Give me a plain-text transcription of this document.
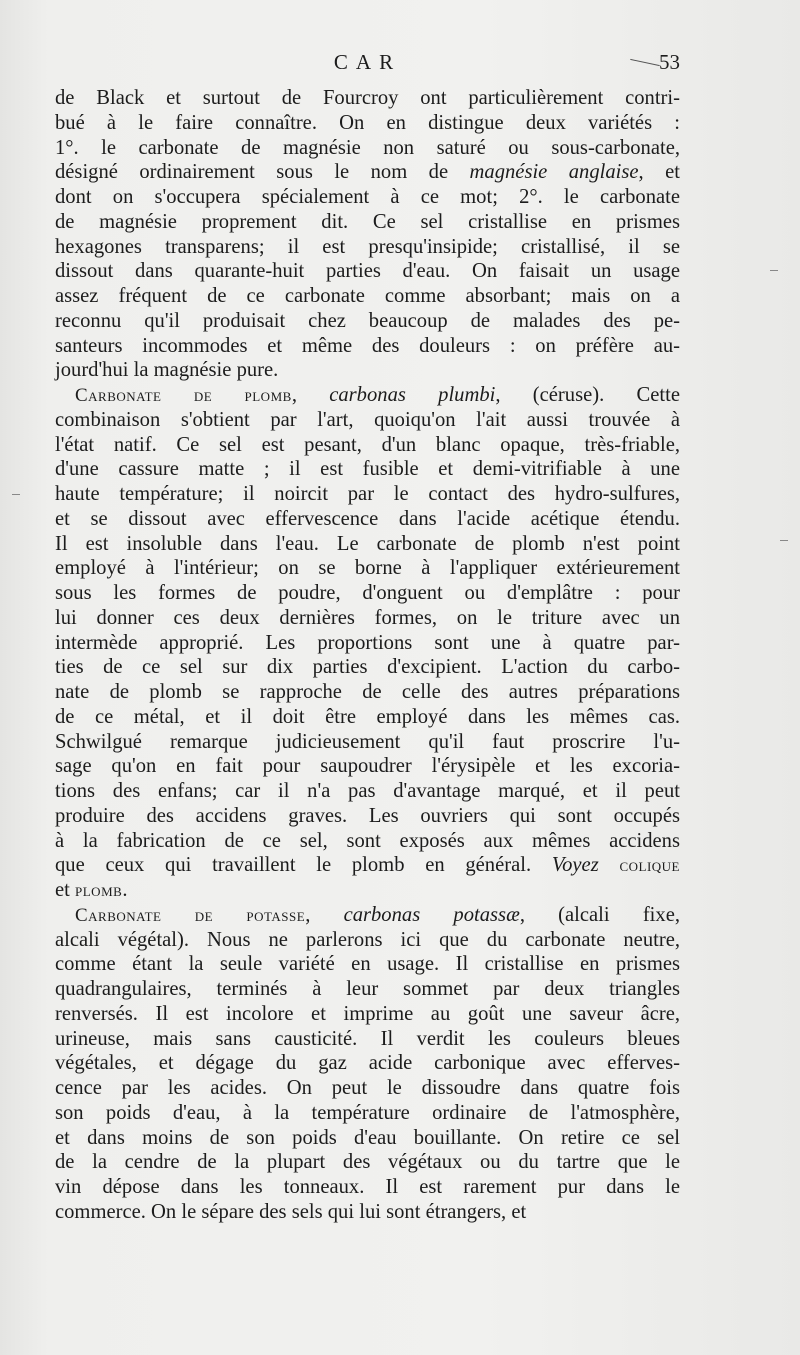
CAR	53
de Black et surtout de Fourcroy ont particulièrement contri-
bué à le faire connaître. On en distingue deux variétés :
1°. le carbonate de magnésie non saturé ou sous-carbonate,
désigné ordinairement sous le nom de magnésie anglaise, et
dont on s'occupera spécialement à ce mot; 2°. le carbonate
de magnésie proprement dit. Ce sel cristallise en prismes
hexagones transparens; il est presqu'insipide; cristallisé, il se
dissout dans quarante-huit parties d'eau. On faisait un usage
assez fréquent de ce carbonate comme absorbant; mais on a
reconnu qu'il produisait chez beaucoup de malades des pe-
santeurs incommodes et même des douleurs : on préfère au-
jourd'hui la magnésie pure.
Carbonate de plomb, carbonas plumbi, (céruse). Cette
combinaison s'obtient par l'art, quoiqu'on l'ait aussi trouvée à
l'état natif. Ce sel est pesant, d'un blanc opaque, très-friable,
d'une cassure matte ; il est fusible et demi-vitrifiable à une
haute température; il noircit par le contact des hydro-sulfures,
et se dissout avec effervescence dans l'acide acétique étendu.
Il est insoluble dans l'eau. Le carbonate de plomb n'est point
employé à l'intérieur; on se borne à l'appliquer extérieurement
sous les formes de poudre, d'onguent ou d'emplâtre : pour
lui donner ces deux dernières formes, on le triture avec un
intermède approprié. Les proportions sont une à quatre par-
ties de ce sel sur dix parties d'excipient. L'action du carbo-
nate de plomb se rapproche de celle des autres préparations
de ce métal, et il doit être employé dans les mêmes cas.
Schwilgué remarque judicieusement qu'il faut proscrire l'u-
sage qu'on en fait pour saupoudrer l'érysipèle et les excoria-
tions des enfans; car il n'a pas d'avantage marqué, et il peut
produire des accidens graves. Les ouvriers qui sont occupés
à la fabrication de ce sel, sont exposés aux mêmes accidens
que ceux qui travaillent le plomb en général. Voyez colique
et plomb.
Carbonate de potasse, carbonas potassæ, (alcali fixe,
alcali végétal). Nous ne parlerons ici que du carbonate neutre,
comme étant la seule variété en usage. Il cristallise en prismes
quadrangulaires, terminés à leur sommet par deux triangles
renversés. Il est incolore et imprime au goût une saveur âcre,
urineuse, mais sans causticité. Il verdit les couleurs bleues
végétales, et dégage du gaz acide carbonique avec efferves-
cence par les acides. On peut le dissoudre dans quatre fois
son poids d'eau, à la température ordinaire de l'atmosphère,
et dans moins de son poids d'eau bouillante. On retire ce sel
de la cendre de la plupart des végétaux ou du tartre que le
vin dépose dans les tonneaux. Il est rarement pur dans le
commerce. On le sépare des sels qui lui sont étrangers, et
